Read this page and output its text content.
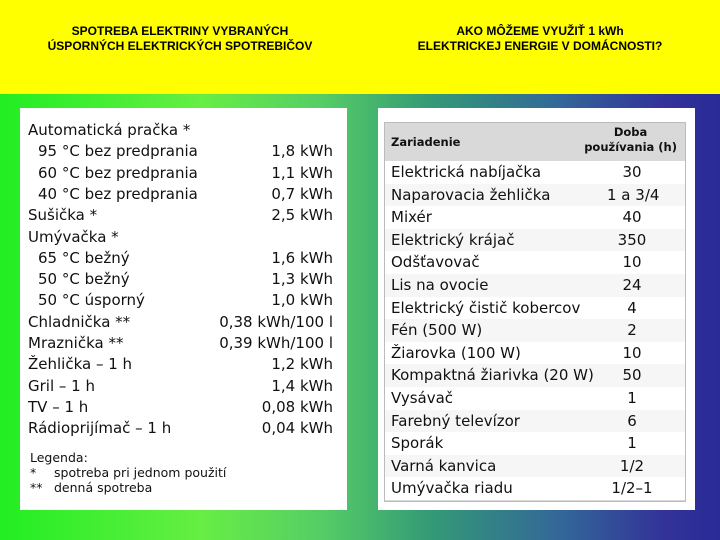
SPOTREBA ELEKTRINY VYBRANÝCH
ÚSPORNÝCH ELEKTRICKÝCH SPOTREBIČOV
AKO MÔŽEME VYUŽIŤ 1 kWh
ELEKTRICKEJ ENERGIE V DOMÁCNOSTI?
Automatická pračka *
95 °C bez predprania	1,8 kWh
60 °C bez predprania	1,1 kWh
40 °C bez predprania	0,7 kWh
Sušička *	2,5 kWh
Umývačka *
65 °C bežný	1,6 kWh
50 °C bežný	1,3 kWh
50 °C úsporný	1,0 kWh
Chladnička **	0,38 kWh/100 l
Mraznička **	0,39 kWh/100 l
Žehlička – 1 h	1,2 kWh
Gril – 1 h	1,4 kWh
TV – 1 h	0,08 kWh
Rádioprijímač – 1 h	0,04 kWh
Legenda:
* spotreba pri jednom použití
** denná spotreba
Zariadenie
Doba
používania (h)
Elektrická nabíjačka	30
Naparovacia žehlička	1 a 3/4
Mixér	40
Elektrický krájač	350
Odšťavovač	10
Lis na ovocie	24
Elektrický čistič kobercov	4
Fén (500 W)	2
Žiarovka (100 W)	10
Kompaktná žiarivka (20 W)	50
Vysávač	1
Farebný televízor	6
Sporák	1
Varná kanvica	1/2
Umývačka riadu	1/2–1
